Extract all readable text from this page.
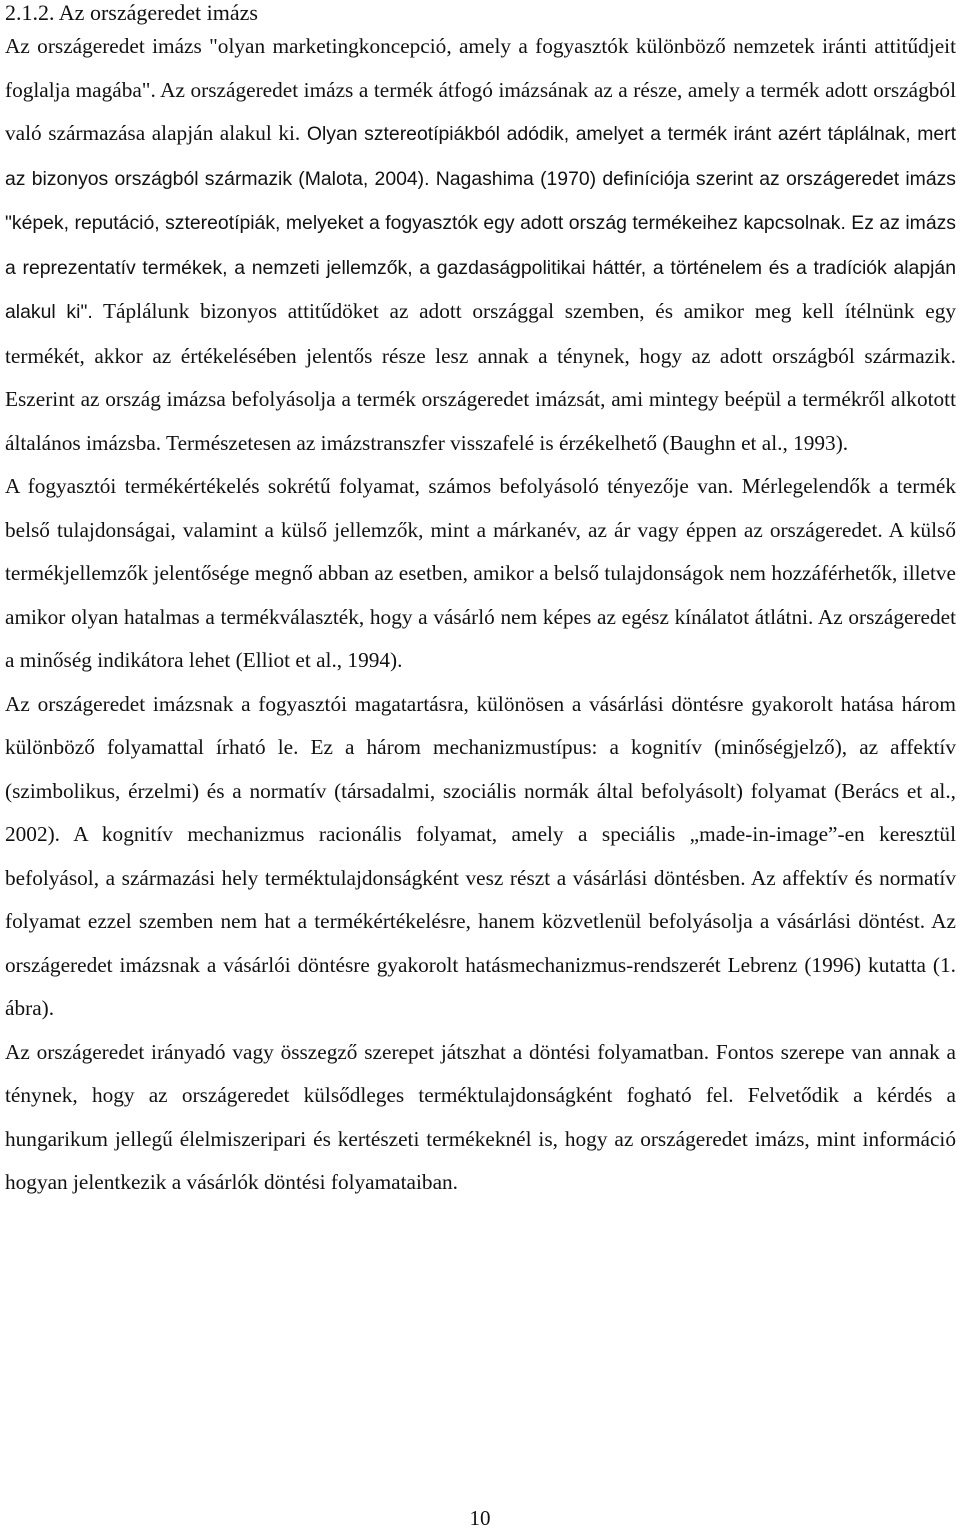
2.1.2. Az országeredet imázs

Az országeredet imázs "olyan marketingkoncepció, amely a fogyasztók különböző nemzetek iránti attitűdjeit foglalja magába". Az országeredet imázs a termék átfogó imázsának az a része, amely a termék adott országból való származása alapján alakul ki. Olyan sztereotípiákból adódik, amelyet a termék iránt azért táplálnak, mert az bizonyos országból származik (Malota, 2004). Nagashima (1970) definíciója szerint az országeredet imázs "képek, reputáció, sztereotípiák, melyeket a fogyasztók egy adott ország termékeihez kapcsolnak. Ez az imázs a reprezentatív termékek, a nemzeti jellemzők, a gazdaságpolitikai háttér, a történelem és a tradíciók alapján alakul ki". Táplálunk bizonyos attitűdöket az adott országgal szemben, és amikor meg kell ítélnünk egy termékét, akkor az értékelésében jelentős része lesz annak a ténynek, hogy az adott országból származik. Eszerint az ország imázsa befolyásolja a termék országeredet imázsát, ami mintegy beépül a termékről alkotott általános imázsba. Természetesen az imázstranszfer visszafelé is érzékelhető (Baughn et al., 1993).

A fogyasztói termékértékelés sokrétű folyamat, számos befolyásoló tényezője van. Mérlegelendők a termék belső tulajdonságai, valamint a külső jellemzők, mint a márkanév, az ár vagy éppen az országeredet. A külső termékjellemzők jelentősége megnő abban az esetben, amikor a belső tulajdonságok nem hozzáférhetők, illetve amikor olyan hatalmas a termékválaszték, hogy a vásárló nem képes az egész kínálatot átlátni. Az országeredet a minőség indikátora lehet (Elliot et al., 1994).

Az országeredet imázsnak a fogyasztói magatartásra, különösen a vásárlási döntésre gyakorolt hatása három különböző folyamattal írható le. Ez a három mechanizmustípus: a kognitív (minőségjelző), az affektív (szimbolikus, érzelmi) és a normatív (társadalmi, szociális normák által befolyásolt) folyamat (Berács et al., 2002). A kognitív mechanizmus racionális folyamat, amely a speciális „made-in-image”-en keresztül befolyásol, a származási hely terméktulajdonságként vesz részt a vásárlási döntésben. Az affektív és normatív folyamat ezzel szemben nem hat a termékértékelésre, hanem közvetlenül befolyásolja a vásárlási döntést. Az országeredet imázsnak a vásárlói döntésre gyakorolt hatásmechanizmus-rendszerét Lebrenz (1996) kutatta (1. ábra).

Az országeredet irányadó vagy összegző szerepet játszhat a döntési folyamatban. Fontos szerepe van annak a ténynek, hogy az országeredet külsődleges terméktulajdonságként fogható fel. Felvetődik a kérdés a hungarikum jellegű élelmiszeripari és kertészeti termékeknél is, hogy az országeredet imázs, mint információ hogyan jelentkezik a vásárlók döntési folyamataiban.

10
